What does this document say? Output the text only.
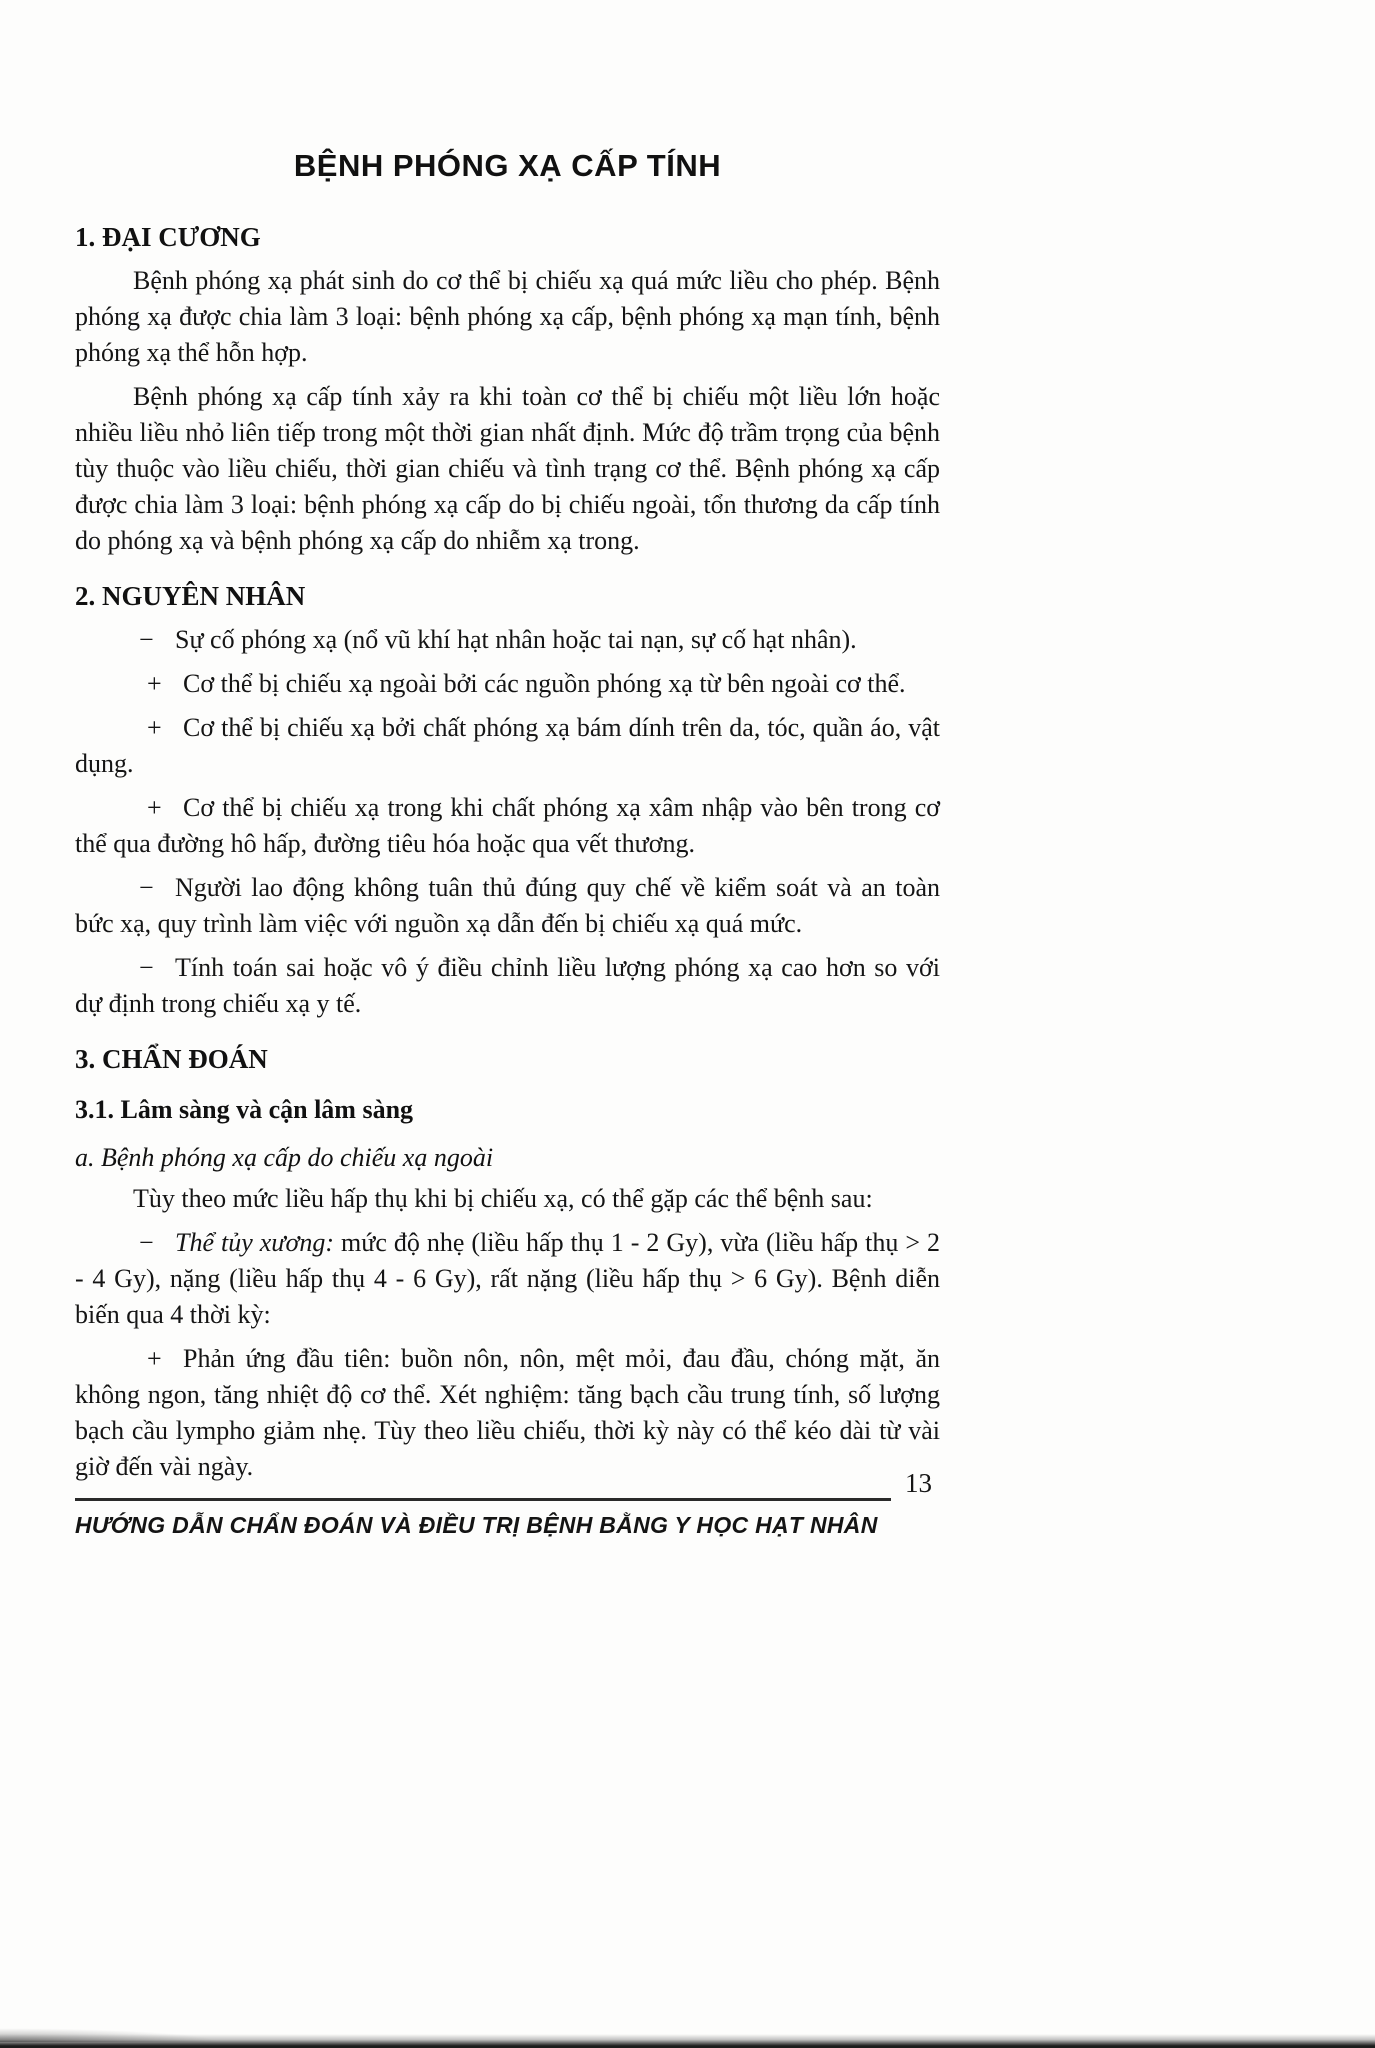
BỆNH PHÓNG XẠ CẤP TÍNH
1. ĐẠI CƯƠNG

Bệnh phóng xạ phát sinh do cơ thể bị chiếu xạ quá mức liều cho phép. Bệnh phóng xạ được chia làm 3 loại: bệnh phóng xạ cấp, bệnh phóng xạ mạn tính, bệnh phóng xạ thể hỗn hợp.

Bệnh phóng xạ cấp tính xảy ra khi toàn cơ thể bị chiếu một liều lớn hoặc nhiều liều nhỏ liên tiếp trong một thời gian nhất định. Mức độ trầm trọng của bệnh tùy thuộc vào liều chiếu, thời gian chiếu và tình trạng cơ thể. Bệnh phóng xạ cấp được chia làm 3 loại: bệnh phóng xạ cấp do bị chiếu ngoài, tổn thương da cấp tính do phóng xạ và bệnh phóng xạ cấp do nhiễm xạ trong.

2. NGUYÊN NHÂN

− Sự cố phóng xạ (nổ vũ khí hạt nhân hoặc tai nạn, sự cố hạt nhân).

+ Cơ thể bị chiếu xạ ngoài bởi các nguồn phóng xạ từ bên ngoài cơ thể.

+ Cơ thể bị chiếu xạ bởi chất phóng xạ bám dính trên da, tóc, quần áo, vật dụng.

+ Cơ thể bị chiếu xạ trong khi chất phóng xạ xâm nhập vào bên trong cơ thể qua đường hô hấp, đường tiêu hóa hoặc qua vết thương.

− Người lao động không tuân thủ đúng quy chế về kiểm soát và an toàn bức xạ, quy trình làm việc với nguồn xạ dẫn đến bị chiếu xạ quá mức.

− Tính toán sai hoặc vô ý điều chỉnh liều lượng phóng xạ cao hơn so với dự định trong chiếu xạ y tế.

3. CHẨN ĐOÁN
3.1. Lâm sàng và cận lâm sàng
a. Bệnh phóng xạ cấp do chiếu xạ ngoài

Tùy theo mức liều hấp thụ khi bị chiếu xạ, có thể gặp các thể bệnh sau:

− Thể tủy xương: mức độ nhẹ (liều hấp thụ 1 - 2 Gy), vừa (liều hấp thụ > 2 - 4 Gy), nặng (liều hấp thụ 4 - 6 Gy), rất nặng (liều hấp thụ > 6 Gy). Bệnh diễn biến qua 4 thời kỳ:

+ Phản ứng đầu tiên: buồn nôn, nôn, mệt mỏi, đau đầu, chóng mặt, ăn không ngon, tăng nhiệt độ cơ thể. Xét nghiệm: tăng bạch cầu trung tính, số lượng bạch cầu lympho giảm nhẹ. Tùy theo liều chiếu, thời kỳ này có thể kéo dài từ vài giờ đến vài ngày.

13
HƯỚNG DẪN CHẨN ĐOÁN VÀ ĐIỀU TRỊ BỆNH BẰNG Y HỌC HẠT NHÂN
